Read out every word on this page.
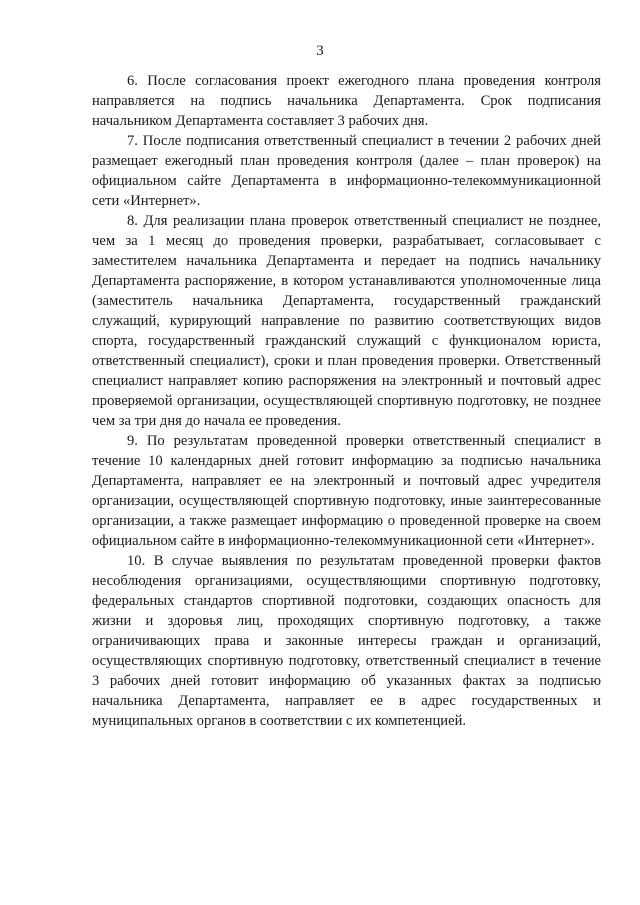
3

6. После согласования проект ежегодного плана проведения контроля направляется на подпись начальника Департамента. Срок подписания начальником Департамента составляет 3 рабочих дня.

7. После подписания ответственный специалист в течении 2 рабочих дней размещает ежегодный план проведения контроля (далее – план проверок) на официальном сайте Департамента в информационно-телекоммуникационной сети «Интернет».

8. Для реализации плана проверок ответственный специалист не позднее, чем за 1 месяц до проведения проверки, разрабатывает, согласовывает с заместителем начальника Департамента и передает на подпись начальнику Департамента распоряжение, в котором устанавливаются уполномоченные лица (заместитель начальника Департамента, государственный гражданский служащий, курирующий направление по развитию соответствующих видов спорта, государственный гражданский служащий с функционалом юриста, ответственный специалист), сроки и план проведения проверки. Ответственный специалист направляет копию распоряжения на электронный и почтовый адрес проверяемой организации, осуществляющей спортивную подготовку, не позднее чем за три дня до начала ее проведения.

9. По результатам проведенной проверки ответственный специалист в течение 10 календарных дней готовит информацию за подписью начальника Департамента, направляет ее на электронный и почтовый адрес учредителя организации, осуществляющей спортивную подготовку, иные заинтересованные организации, а также размещает информацию о проведенной проверке на своем официальном сайте в информационно-телекоммуникационной сети «Интернет».

10. В случае выявления по результатам проведенной проверки фактов несоблюдения организациями, осуществляющими спортивную подготовку, федеральных стандартов спортивной подготовки, создающих опасность для жизни и здоровья лиц, проходящих спортивную подготовку, а также ограничивающих права и законные интересы граждан и организаций, осуществляющих спортивную подготовку, ответственный специалист в течение 3 рабочих дней готовит информацию об указанных фактах за подписью начальника Департамента, направляет ее в адрес государственных и муниципальных органов в соответствии с их компетенцией.
